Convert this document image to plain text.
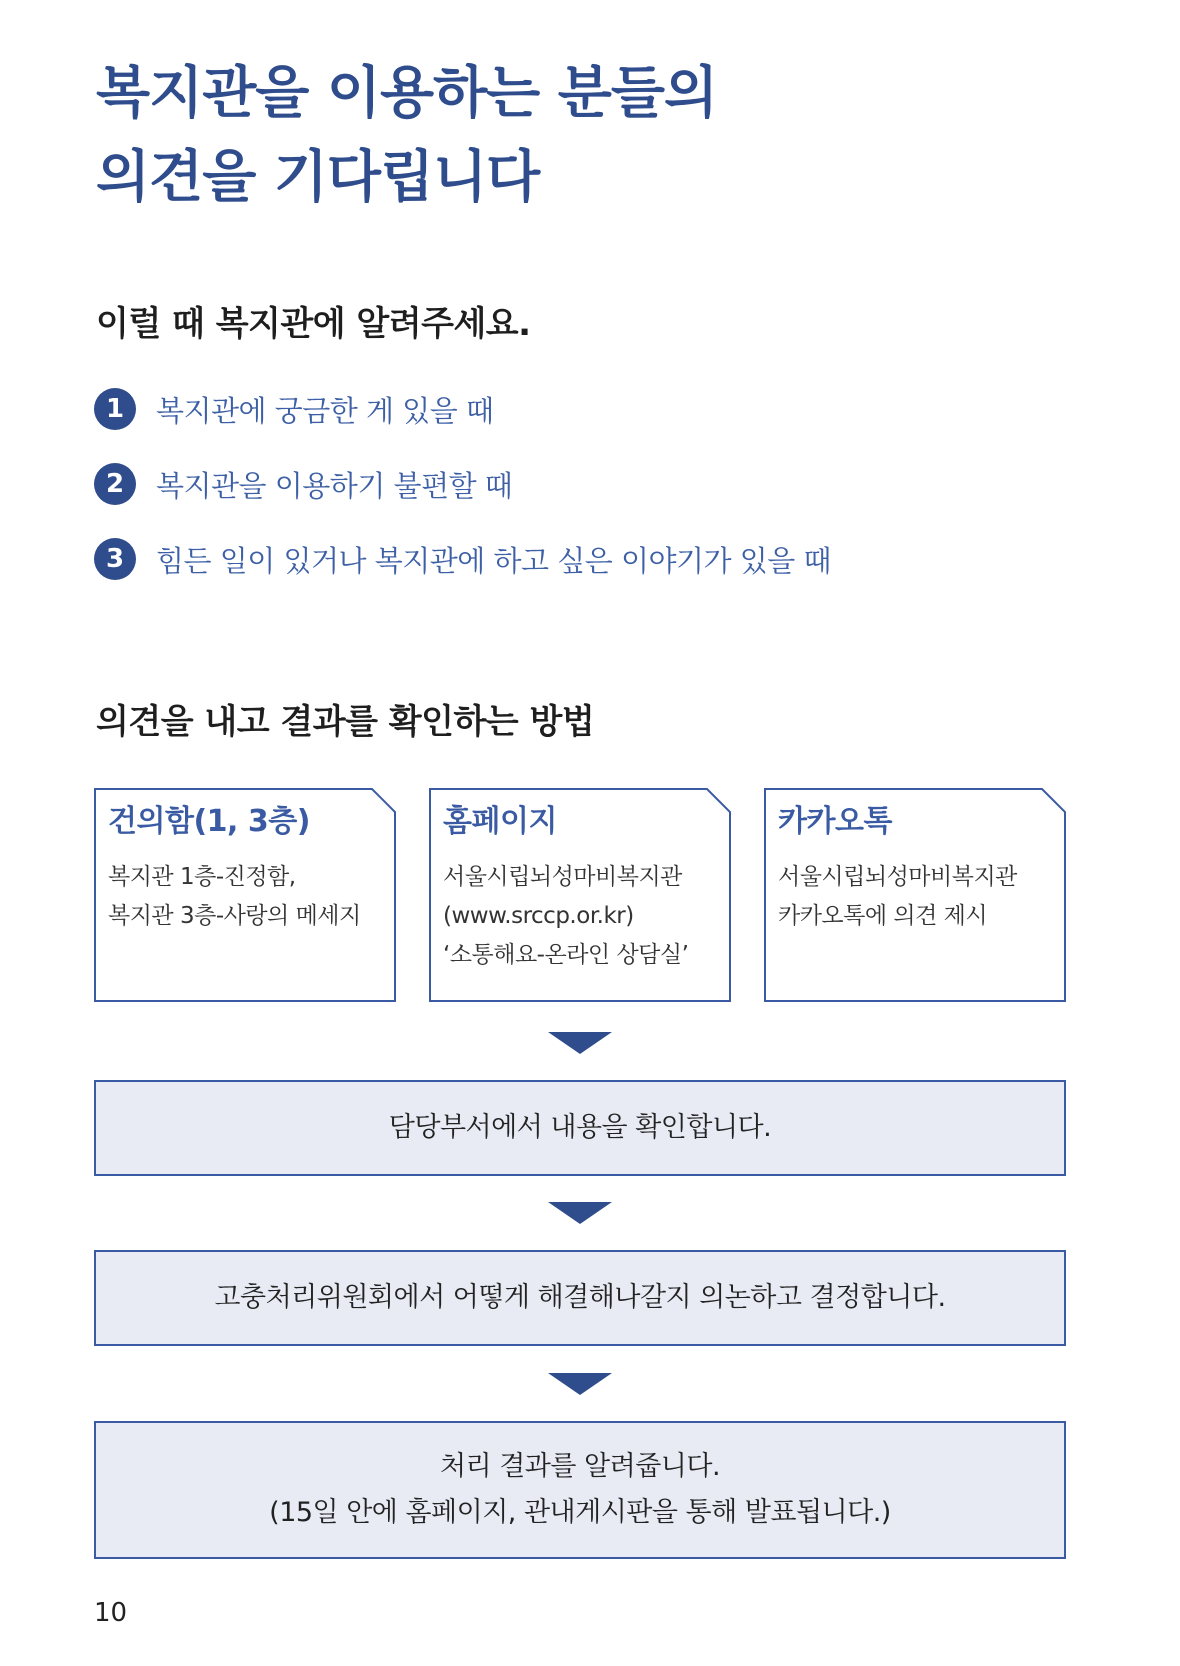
복지관을 이용하는 분들의
의견을 기다립니다
이럴 때 복지관에 알려주세요.
1	복지관에 궁금한 게 있을 때
2	복지관을 이용하기 불편할 때
3	힘든 일이 있거나 복지관에 하고 싶은 이야기가 있을 때
의견을 내고 결과를 확인하는 방법
건의함(1, 3층)
복지관 1층-진정함,
복지관 3층-사랑의 메세지
홈페이지
서울시립뇌성마비복지관
(www.srccp.or.kr)
‘소통해요-온라인 상담실’
카카오톡
서울시립뇌성마비복지관
카카오톡에 의견 제시
담당부서에서 내용을 확인합니다.
고충처리위원회에서 어떻게 해결해나갈지 의논하고 결정합니다.
처리 결과를 알려줍니다.
(15일 안에 홈페이지, 관내게시판을 통해 발표됩니다.)
10
